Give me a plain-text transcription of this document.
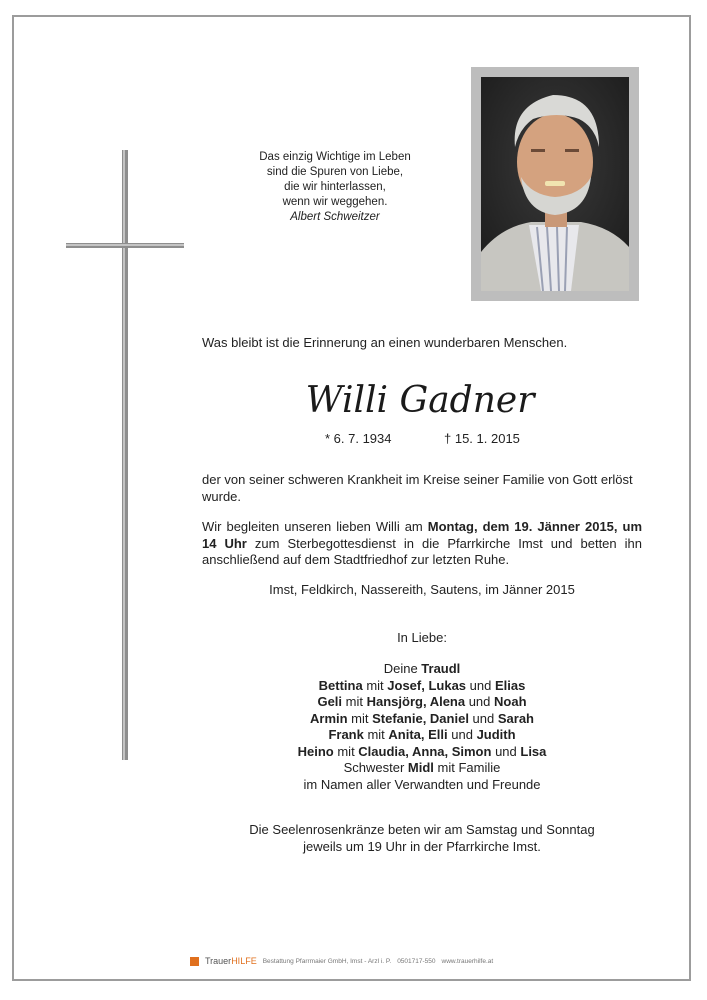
Das einzig Wichtige im Leben
sind die Spuren von Liebe,
die wir hinterlassen,
wenn wir weggehen.
Albert Schweitzer
Was bleibt ist die Erinnerung an einen wunderbaren Menschen.
Willi Gadner
* 6. 7. 1934	† 15. 1. 2015
der von seiner schweren Krankheit im Kreise seiner Familie von Gott erlöst wurde.
Wir begleiten unseren lieben Willi am Montag, dem 19. Jänner 2015, um 14 Uhr zum Sterbegottesdienst in die Pfarrkirche Imst und betten ihn anschließend auf dem Stadtfriedhof zur letzten Ruhe.
Imst, Feldkirch, Nassereith, Sautens, im Jänner 2015
In Liebe:
Deine Traudl
Bettina mit Josef, Lukas und Elias
Geli mit Hansjörg, Alena und Noah
Armin mit Stefanie, Daniel und Sarah
Frank mit Anita, Elli und Judith
Heino mit Claudia, Anna, Simon und Lisa
Schwester Midl mit Familie
im Namen aller Verwandten und Freunde
Die Seelenrosenkränze beten wir am Samstag und Sonntag
jeweils um 19 Uhr in der Pfarrkirche Imst.
TrauerHILFE Bestattung Pfarrmaier GmbH, Imst - Arzl i. P. 0501717-550 www.trauerhilfe.at
